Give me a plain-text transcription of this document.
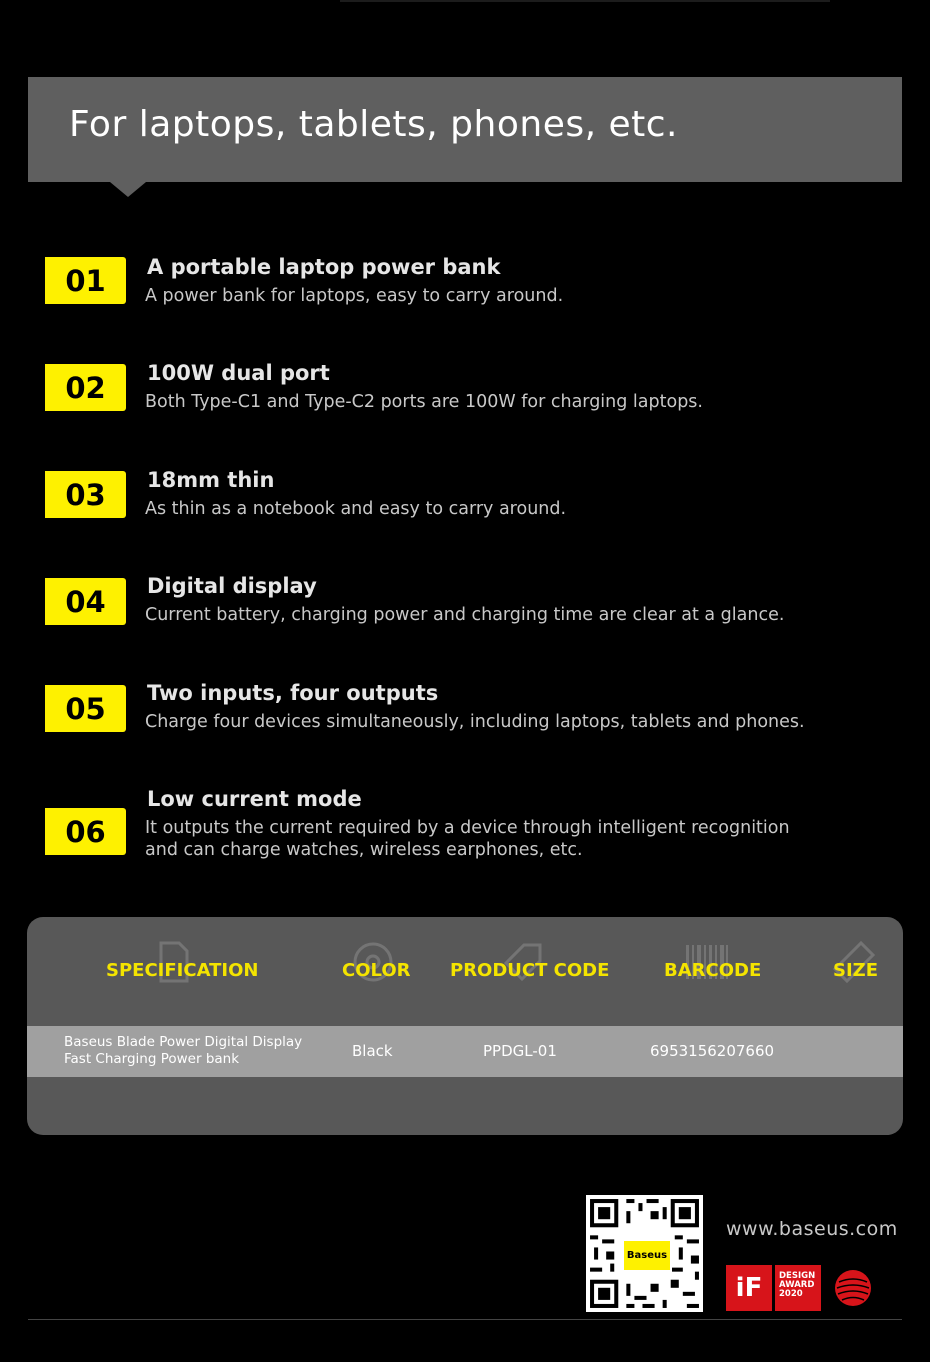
For laptops, tablets, phones, etc.
01	A portable laptop power bank
A power bank for laptops, easy to carry around.
02	100W dual port
Both Type-C1 and Type-C2 ports are 100W for charging laptops.
03	18mm thin
As thin as a notebook and easy to carry around.
04	Digital display
Current battery, charging power and charging time are clear at a glance.
05	Two inputs, four outputs
Charge four devices simultaneously, including laptops, tablets and phones.
06
Low current mode
It outputs the current required by a device through intelligent recognition
and can charge watches, wireless earphones, etc.
SPECIFICATION	COLOR PRODUCT CODE	BARCODE	SIZE
Baseus Blade Power Digital Display
Fast Charging Power bank	Black	PPDGL-01	6953156207660
Baseus
www.baseus.com
iF	DESIGN
AWARD
2020
